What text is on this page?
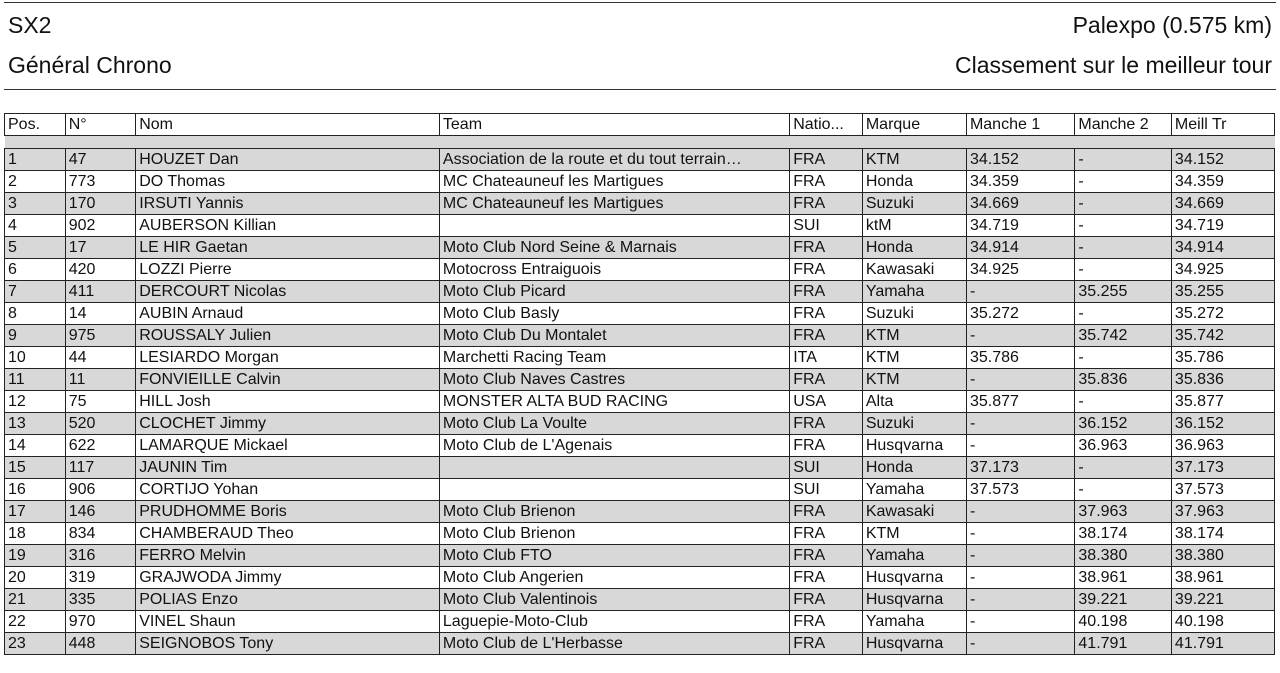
SX2
Général Chrono
Palexpo (0.575 km)
Classement sur le meilleur tour
Pos.	N°	Nom	Team	Natio...	Marque	Manche 1	Manche 2	Meill Tr

1	47	HOUZET Dan	Association de la route et du tout terrain…	FRA	KTM	34.152	-	34.152
2	773	DO Thomas	MC Chateauneuf les Martigues	FRA	Honda	34.359	-	34.359
3	170	IRSUTI Yannis	MC Chateauneuf les Martigues	FRA	Suzuki	34.669	-	34.669
4	902	AUBERSON Killian		SUI	ktM	34.719	-	34.719
5	17	LE HIR Gaetan	Moto Club Nord Seine & Marnais	FRA	Honda	34.914	-	34.914
6	420	LOZZI Pierre	Motocross Entraiguois	FRA	Kawasaki	34.925	-	34.925
7	411	DERCOURT Nicolas	Moto Club Picard	FRA	Yamaha	-	35.255	35.255
8	14	AUBIN Arnaud	Moto Club Basly	FRA	Suzuki	35.272	-	35.272
9	975	ROUSSALY Julien	Moto Club Du Montalet	FRA	KTM	-	35.742	35.742
10	44	LESIARDO Morgan	Marchetti Racing Team	ITA	KTM	35.786	-	35.786
11	11	FONVIEILLE Calvin	Moto Club Naves Castres	FRA	KTM	-	35.836	35.836
12	75	HILL Josh	MONSTER ALTA BUD RACING	USA	Alta	35.877	-	35.877
13	520	CLOCHET Jimmy	Moto Club La Voulte	FRA	Suzuki	-	36.152	36.152
14	622	LAMARQUE Mickael	Moto Club de L'Agenais	FRA	Husqvarna	-	36.963	36.963
15	117	JAUNIN Tim		SUI	Honda	37.173	-	37.173
16	906	CORTIJO Yohan		SUI	Yamaha	37.573	-	37.573
17	146	PRUDHOMME Boris	Moto Club Brienon	FRA	Kawasaki	-	37.963	37.963
18	834	CHAMBERAUD Theo	Moto Club Brienon	FRA	KTM	-	38.174	38.174
19	316	FERRO Melvin	Moto Club FTO	FRA	Yamaha	-	38.380	38.380
20	319	GRAJWODA Jimmy	Moto Club Angerien	FRA	Husqvarna	-	38.961	38.961
21	335	POLIAS Enzo	Moto Club Valentinois	FRA	Husqvarna	-	39.221	39.221
22	970	VINEL Shaun	Laguepie-Moto-Club	FRA	Yamaha	-	40.198	40.198
23	448	SEIGNOBOS Tony	Moto Club de L'Herbasse	FRA	Husqvarna	-	41.791	41.791
